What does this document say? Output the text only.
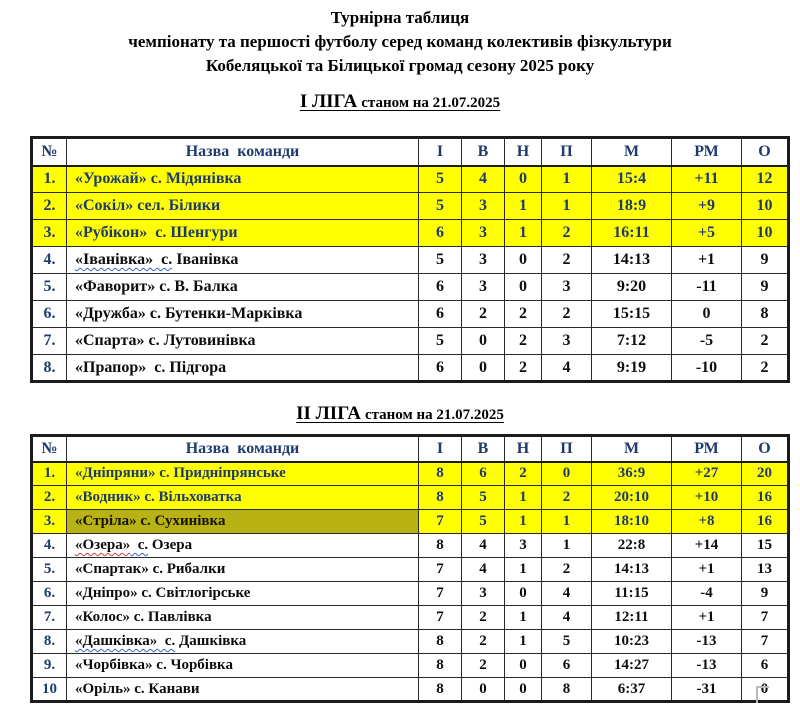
Турнірна таблиця
чемпіонату та першості футболу серед команд колективів фізкультури
Кобеляцької та Білицької громад сезону 2025 року
І ЛІГА станом на 21.07.2025
№	Назва  команди	І	В	Н	П	М	РМ	О
1.	«Урожай» с. Мідянівка	5	4	0	1	15:4	+11	12
2.	«Сокіл» сел. Білики	5	3	1	1	18:9	+9	10
3.	«Рубікон»  с. Шенгури	6	3	1	2	16:11	+5	10
4.	«Іванівка»  с. Іванівка	5	3	0	2	14:13	+1	9
5.	«Фаворит» с. В. Балка	6	3	0	3	9:20	-11	9
6.	«Дружба» с. Бутенки-Марківка	6	2	2	2	15:15	0	8
7.	«Спарта» с. Лутовинівка	5	0	2	3	7:12	-5	2
8.	«Прапор»  с. Підгора	6	0	2	4	9:19	-10	2
ІІ ЛІГА станом на 21.07.2025
№	Назва  команди	І	В	Н	П	М	РМ	О
1.	«Дніпряни» с. Придніпрянське	8	6	2	0	36:9	+27	20
2.	«Водник» с. Вільховатка	8	5	1	2	20:10	+10	16
3.	«Стріла» с. Сухинівка	7	5	1	1	18:10	+8	16
4.	«Озера»  с. Озера	8	4	3	1	22:8	+14	15
5.	«Спартак» с. Рибалки	7	4	1	2	14:13	+1	13
6.	«Дніпро» с. Світлогірське	7	3	0	4	11:15	-4	9
7.	«Колос» с. Павлівка	7	2	1	4	12:11	+1	7
8.	«Дашківка»  с. Дашківка	8	2	1	5	10:23	-13	7
9.	«Чорбівка» с. Чорбівка	8	2	0	6	14:27	-13	6
10	«Оріль» с. Канави	8	0	0	8	6:37	-31	0
